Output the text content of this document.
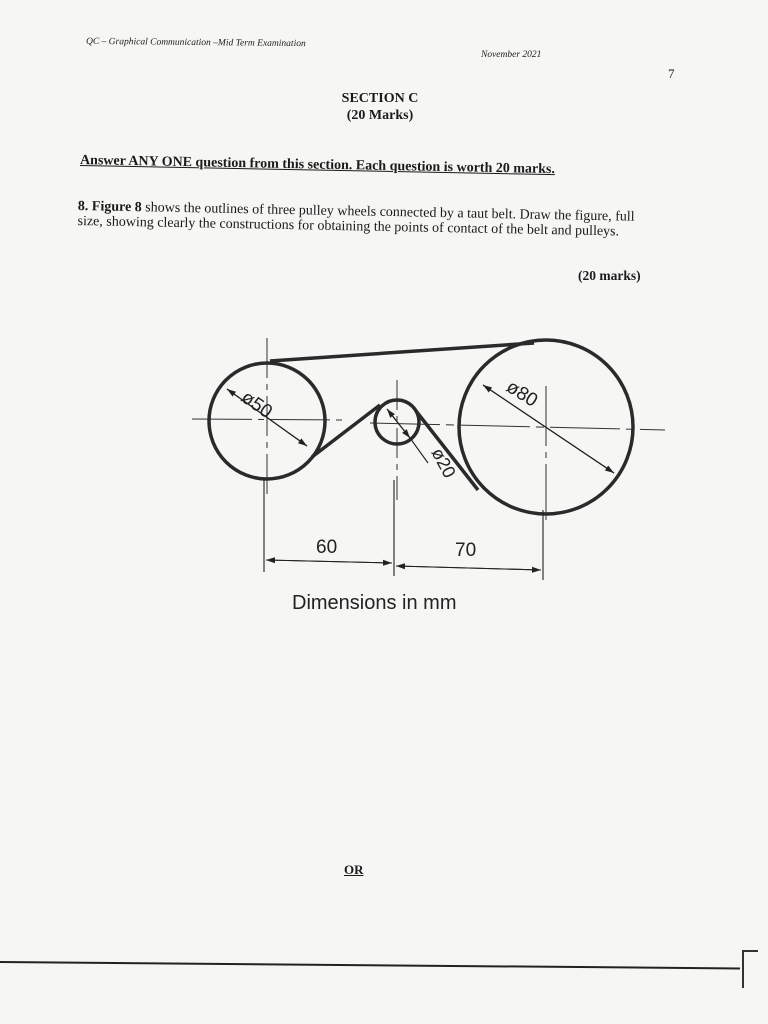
QC – Graphical Communication –Mid Term Examination
November 2021
7
SECTION C
(20 Marks)
Answer ANY ONE question from this section. Each question is worth 20 marks.
8. Figure 8 shows the outlines of three pulley wheels connected by a taut belt. Draw the figure, full size, showing clearly the constructions for obtaining the points of contact of the belt and pulleys.
(20 marks)
ø50	ø80
ø20
60	70
Dimensions in mm
OR
